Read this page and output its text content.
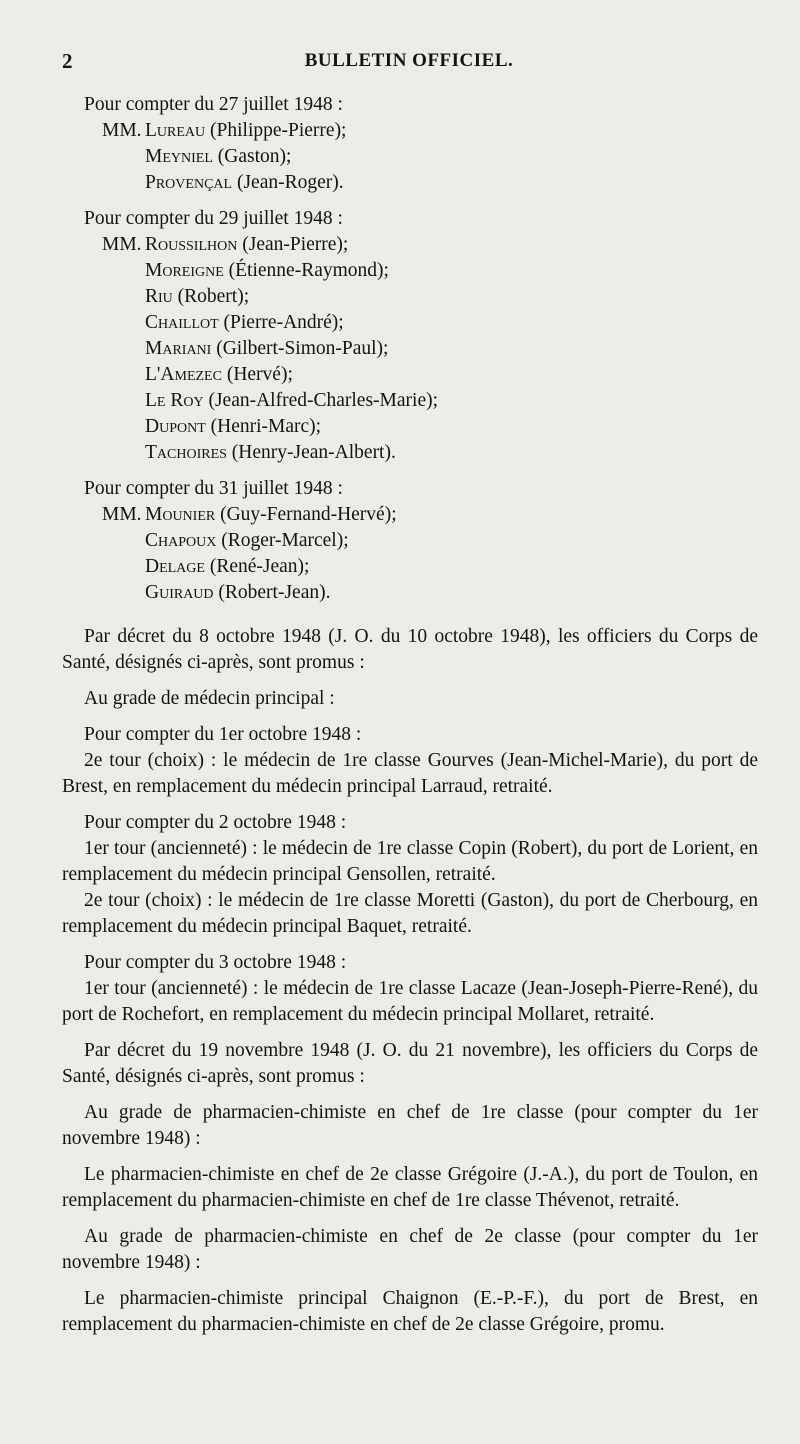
2	BULLETIN OFFICIEL.
Pour compter du 27 juillet 1948 :
MM. Lureau (Philippe-Pierre);
Meyniel (Gaston);
Provençal (Jean-Roger).
Pour compter du 29 juillet 1948 :
MM. Roussilhon (Jean-Pierre);
Moreigne (Étienne-Raymond);
Riu (Robert);
Chaillot (Pierre-André);
Mariani (Gilbert-Simon-Paul);
L'Amezec (Hervé);
Le Roy (Jean-Alfred-Charles-Marie);
Dupont (Henri-Marc);
Tachoires (Henry-Jean-Albert).
Pour compter du 31 juillet 1948 :
MM. Mounier (Guy-Fernand-Hervé);
Chapoux (Roger-Marcel);
Delage (René-Jean);
Guiraud (Robert-Jean).
Par décret du 8 octobre 1948 (J. O. du 10 octobre 1948), les officiers du Corps de Santé, désignés ci-après, sont promus :
Au grade de médecin principal :
Pour compter du 1er octobre 1948 :
2e tour (choix) : le médecin de 1re classe Gourves (Jean-Michel-Marie), du port de Brest, en remplacement du médecin principal Larraud, retraité.
Pour compter du 2 octobre 1948 :
1er tour (ancienneté) : le médecin de 1re classe Copin (Robert), du port de Lorient, en remplacement du médecin principal Gensollen, retraité.
2e tour (choix) : le médecin de 1re classe Moretti (Gaston), du port de Cherbourg, en remplacement du médecin principal Baquet, retraité.
Pour compter du 3 octobre 1948 :
1er tour (ancienneté) : le médecin de 1re classe Lacaze (Jean-Joseph-Pierre-René), du port de Rochefort, en remplacement du médecin principal Mollaret, retraité.
Par décret du 19 novembre 1948 (J. O. du 21 novembre), les officiers du Corps de Santé, désignés ci-après, sont promus :
Au grade de pharmacien-chimiste en chef de 1re classe (pour compter du 1er novembre 1948) :
Le pharmacien-chimiste en chef de 2e classe Grégoire (J.-A.), du port de Toulon, en remplacement du pharmacien-chimiste en chef de 1re classe Thévenot, retraité.
Au grade de pharmacien-chimiste en chef de 2e classe (pour compter du 1er novembre 1948) :
Le pharmacien-chimiste principal Chaignon (E.-P.-F.), du port de Brest, en remplacement du pharmacien-chimiste en chef de 2e classe Grégoire, promu.
